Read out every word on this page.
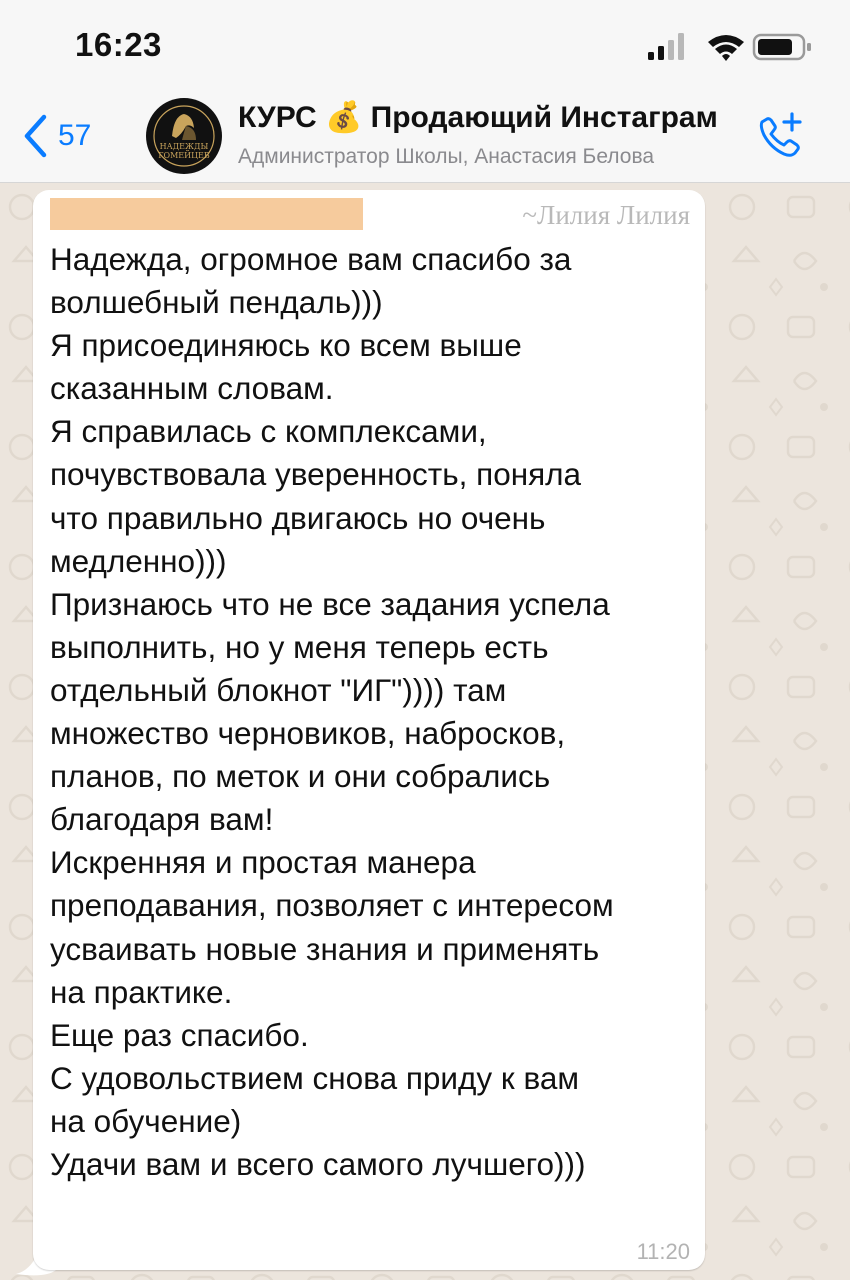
16:23
57	НАДЕЖДЫ ГОМЕЙЦЕВ
КУРС 💰 Продающий Инстаграм
Администратор Школы, Анастасия Белова
~Лилия Лилия
Надежда, огромное вам спасибо за
волшебный пендаль)))
Я присоединяюсь ко всем выше
сказанным словам.
Я справилась с комплексами,
почувствовала уверенность, поняла
что правильно двигаюсь но очень
медленно)))
Признаюсь что не все задания успела
выполнить, но у меня теперь есть
отдельный блокнот "ИГ")))) там
множество черновиков, набросков,
планов, по меток и они собрались
благодаря вам!
Искренняя и простая манера
преподавания, позволяет с интересом
усваивать новые знания и применять
на практике.
Еще раз спасибо.
С удовольствием снова приду к вам
на обучение)
Удачи вам и всего самого лучшего)))
11:20
